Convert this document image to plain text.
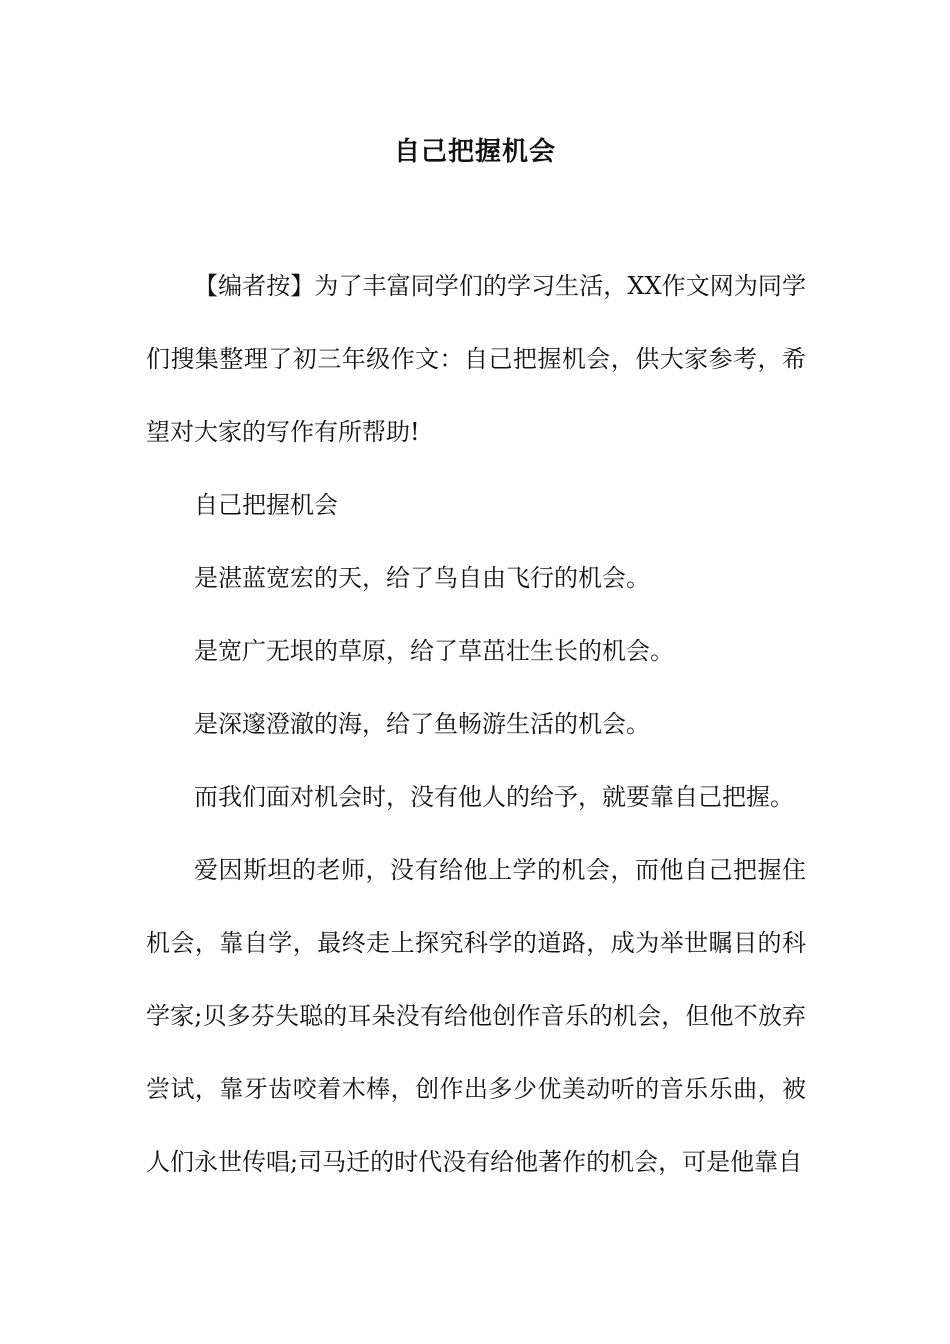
自己把握机会

【编者按】为了丰富同学们的学习生活，XX作文网为同学们搜集整理了初三年级作文：自己把握机会，供大家参考，希望对大家的写作有所帮助!

自己把握机会

是湛蓝宽宏的天，给了鸟自由飞行的机会。

是宽广无垠的草原，给了草茁壮生长的机会。

是深邃澄澈的海，给了鱼畅游生活的机会。

而我们面对机会时，没有他人的给予，就要靠自己把握。

爱因斯坦的老师，没有给他上学的机会，而他自己把握住机会，靠自学，最终走上探究科学的道路，成为举世瞩目的科学家;贝多芬失聪的耳朵没有给他创作音乐的机会，但他不放弃尝试，靠牙齿咬着木棒，创作出多少优美动听的音乐乐曲，被人们永世传唱;司马迁的时代没有给他著作的机会，可是他靠自
